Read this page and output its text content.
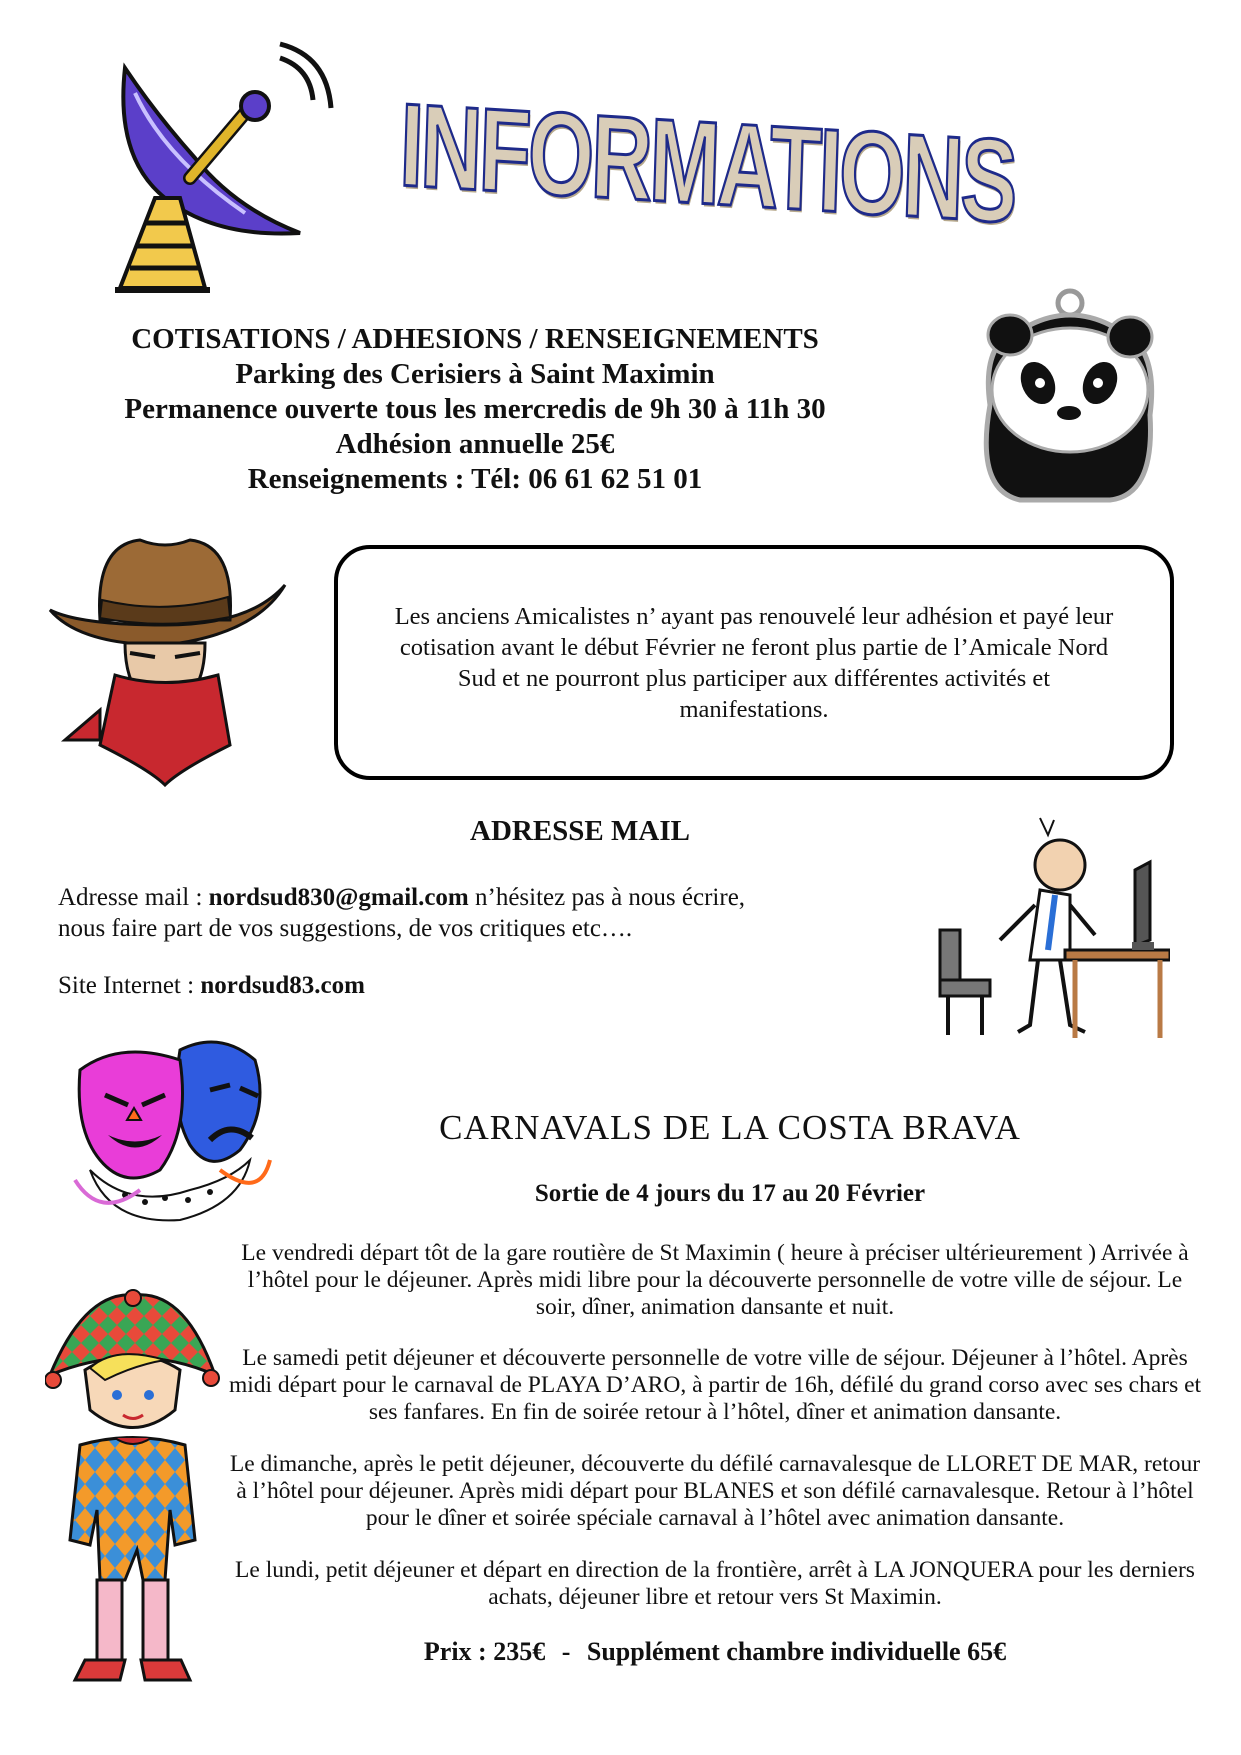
INFORMATIONS
COTISATIONS / ADHESIONS / RENSEIGNEMENTS
Parking des Cerisiers à Saint Maximin
Permanence ouverte tous les mercredis de 9h 30 à 11h 30
Adhésion annuelle 25€
Renseignements : Tél: 06 61 62 51 01
Les anciens Amicalistes n’ ayant pas renouvelé leur adhésion et payé leur cotisation avant le début Février ne feront plus partie de l’Amicale Nord Sud et ne pourront plus participer aux différentes activités et manifestations.
ADRESSE MAIL
Adresse mail : nordsud830@gmail.com n’hésitez pas à nous écrire,
nous faire part de vos suggestions, de vos critiques etc….
Site Internet : nordsud83.com
CARNAVALS DE LA COSTA BRAVA
Sortie de 4 jours du 17 au 20 Février
Le vendredi départ tôt de la gare routière de St Maximin ( heure à préciser ultérieurement ) Arrivée à l’hôtel pour le déjeuner. Après midi libre pour la découverte personnelle de votre ville de séjour. Le soir, dîner, animation dansante et nuit.
Le samedi petit déjeuner et découverte personnelle de votre ville de séjour. Déjeuner à l’hôtel. Après midi départ pour le carnaval de PLAYA D’ARO, à partir de 16h, défilé du grand corso avec ses chars et ses fanfares. En fin de soirée retour à l’hôtel, dîner et animation dansante.
Le dimanche, après le petit déjeuner, découverte du défilé carnavalesque de LLORET DE MAR, retour à l’hôtel pour déjeuner. Après midi départ pour BLANES et son défilé carnavalesque. Retour à l’hôtel pour le dîner et soirée spéciale carnaval à l’hôtel avec animation dansante.
Le lundi, petit déjeuner et départ en direction de la frontière, arrêt à LA JONQUERA pour les derniers achats, déjeuner libre et retour vers St Maximin.
Prix : 235€ - Supplément chambre individuelle 65€
